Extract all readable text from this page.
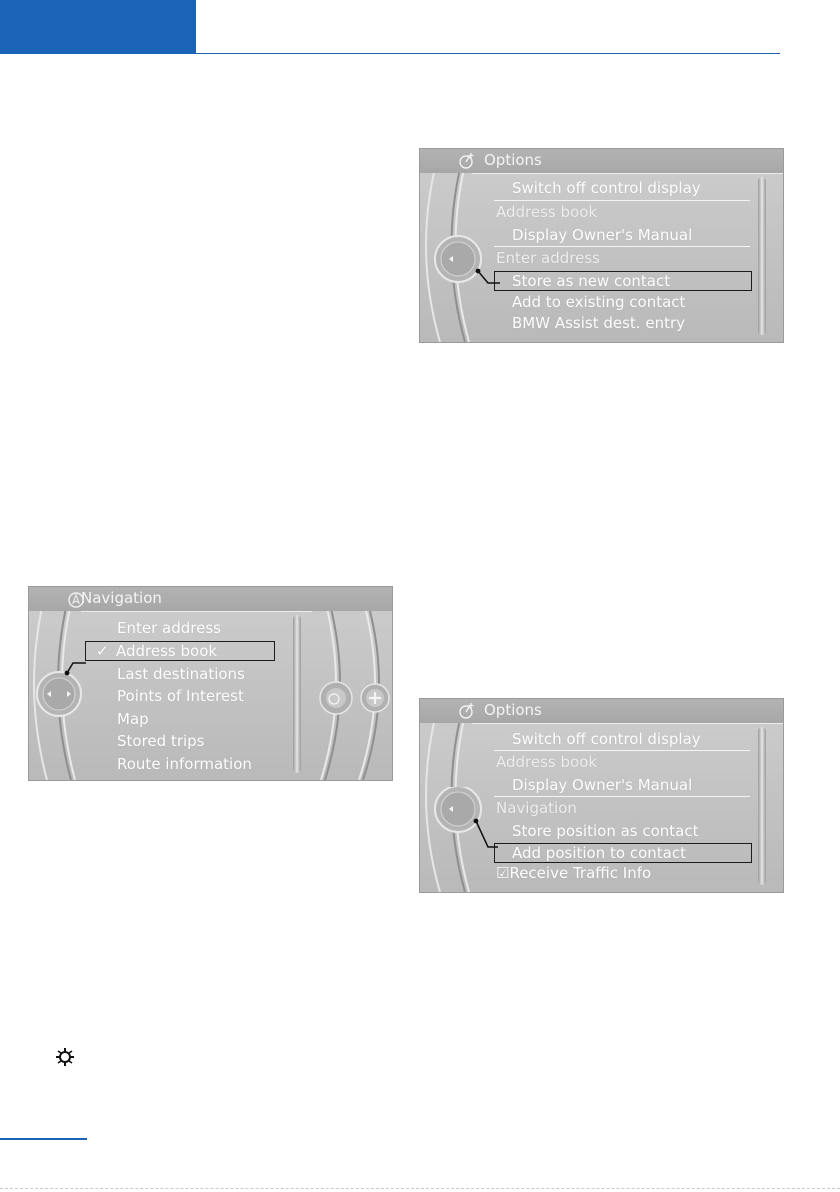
Options
Switch off control display
Address book
Display Owner's Manual
Enter address
Store as new contact
Add to existing contact
BMW Assist dest. entry
Navigation
Enter address
✓ Address book
Last destinations
Points of Interest
Map
Stored trips
Route information
Options
Switch off control display
Address book
Display Owner's Manual
Navigation
Store position as contact
Add position to contact
☑Receive Traffic Info
